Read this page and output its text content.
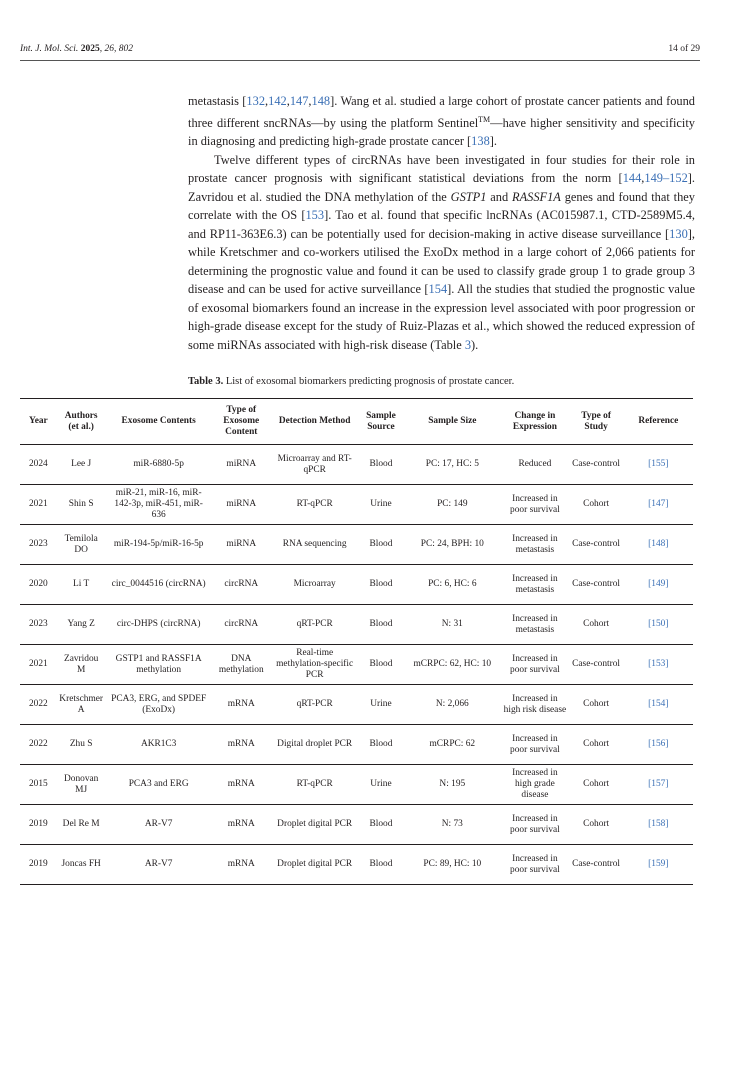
Int. J. Mol. Sci. 2025, 26, 802	14 of 29

metastasis [132,142,147,148]. Wang et al. studied a large cohort of prostate cancer patients and found three different sncRNAs—by using the platform Sentinel™—have higher sensitivity and specificity in diagnosing and predicting high-grade prostate cancer [138].

Twelve different types of circRNAs have been investigated in four studies for their role in prostate cancer prognosis with significant statistical deviations from the norm [144,149–152]. Zavridou et al. studied the DNA methylation of the GSTP1 and RASSF1A genes and found that they correlate with the OS [153]. Tao et al. found that specific lncRNAs (AC015987.1, CTD-2589M5.4, and RP11-363E6.3) can be potentially used for decision-making in active disease surveillance [130], while Kretschmer and co-workers utilised the ExoDx method in a large cohort of 2,066 patients for determining the prognostic value and found it can be used to classify grade group 1 to grade group 3 disease and can be used for active surveillance [154]. All the studies that studied the prognostic value of exosomal biomarkers found an increase in the expression level associated with poor progression or high-grade disease except for the study of Ruiz-Plazas et al., which showed the reduced expression of some miRNAs associated with high-risk disease (Table 3).

Table 3. List of exosomal biomarkers predicting prognosis of prostate cancer.
Year	Authors (et al.)	Exosome Contents	Type of Exosome Content	Detection Method	Sample Source	Sample Size	Change in Expression	Type of Study	Reference
2024	Lee J	miR-6880-5p	miRNA	Microarray and RT-qPCR	Blood	PC: 17, HC: 5	Reduced	Case-control	[155]
2021	Shin S	miR-21, miR-16, miR-142-3p, miR-451, miR-636	miRNA	RT-qPCR	Urine	PC: 149	Increased in poor survival	Cohort	[147]
2023	Temilola DO	miR-194-5p/miR-16-5p	miRNA	RNA sequencing	Blood	PC: 24, BPH: 10	Increased in metastasis	Case-control	[148]
2020	Li T	circ_0044516 (circRNA)	circRNA	Microarray	Blood	PC: 6, HC: 6	Increased in metastasis	Case-control	[149]
2023	Yang Z	circ-DHPS (circRNA)	circRNA	qRT-PCR	Blood	N: 31	Increased in metastasis	Cohort	[150]
2021	Zavridou M	GSTP1 and RASSF1A methylation	DNA methylation	Real-time methylation-specific PCR	Blood	mCRPC: 62, HC: 10	Increased in poor survival	Case-control	[153]
2022	Kretschmer A	PCA3, ERG, and SPDEF (ExoDx)	mRNA	qRT-PCR	Urine	N: 2,066	Increased in high risk disease	Cohort	[154]
2022	Zhu S	AKR1C3	mRNA	Digital droplet PCR	Blood	mCRPC: 62	Increased in poor survival	Cohort	[156]
2015	Donovan MJ	PCA3 and ERG	mRNA	RT-qPCR	Urine	N: 195	Increased in high grade disease	Cohort	[157]
2019	Del Re M	AR-V7	mRNA	Droplet digital PCR	Blood	N: 73	Increased in poor survival	Cohort	[158]
2019	Joncas FH	AR-V7	mRNA	Droplet digital PCR	Blood	PC: 89, HC: 10	Increased in poor survival	Case-control	[159]
